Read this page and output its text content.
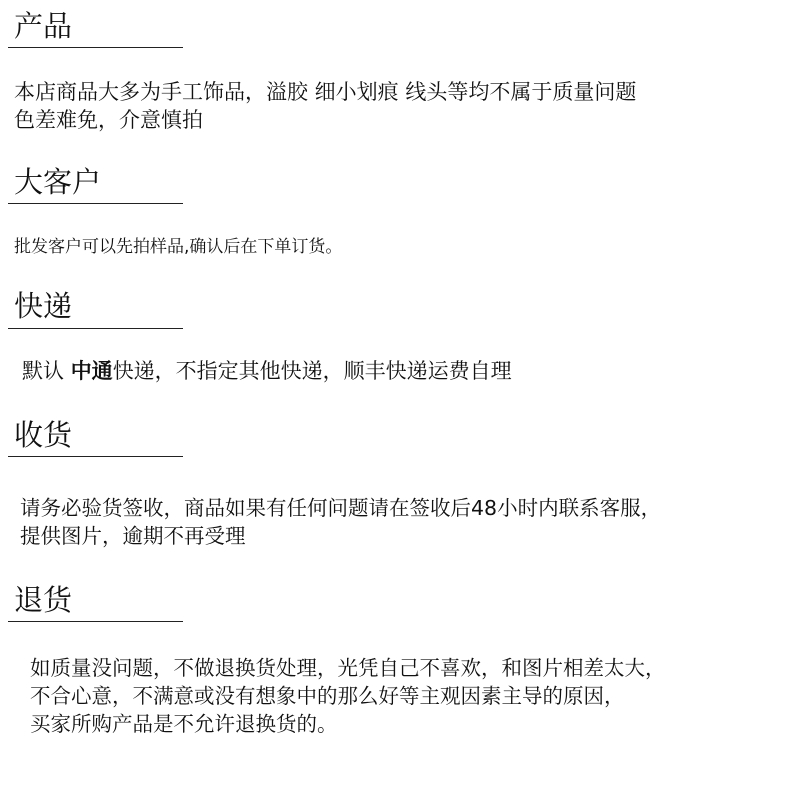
产品
本店商品大多为手工饰品，溢胶 细小划痕 线头等均不属于质量问题
色差难免，介意慎拍
大客户
批发客户可以先拍样品,确认后在下单订货。
快递
默认 中通快递，不指定其他快递，顺丰快递运费自理
收货
请务必验货签收，商品如果有任何问题请在签收后48小时内联系客服，
提供图片，逾期不再受理
退货
如质量没问题，不做退换货处理，光凭自己不喜欢，和图片相差太大，
不合心意，不满意或没有想象中的那么好等主观因素主导的原因，
买家所购产品是不允许退换货的。
